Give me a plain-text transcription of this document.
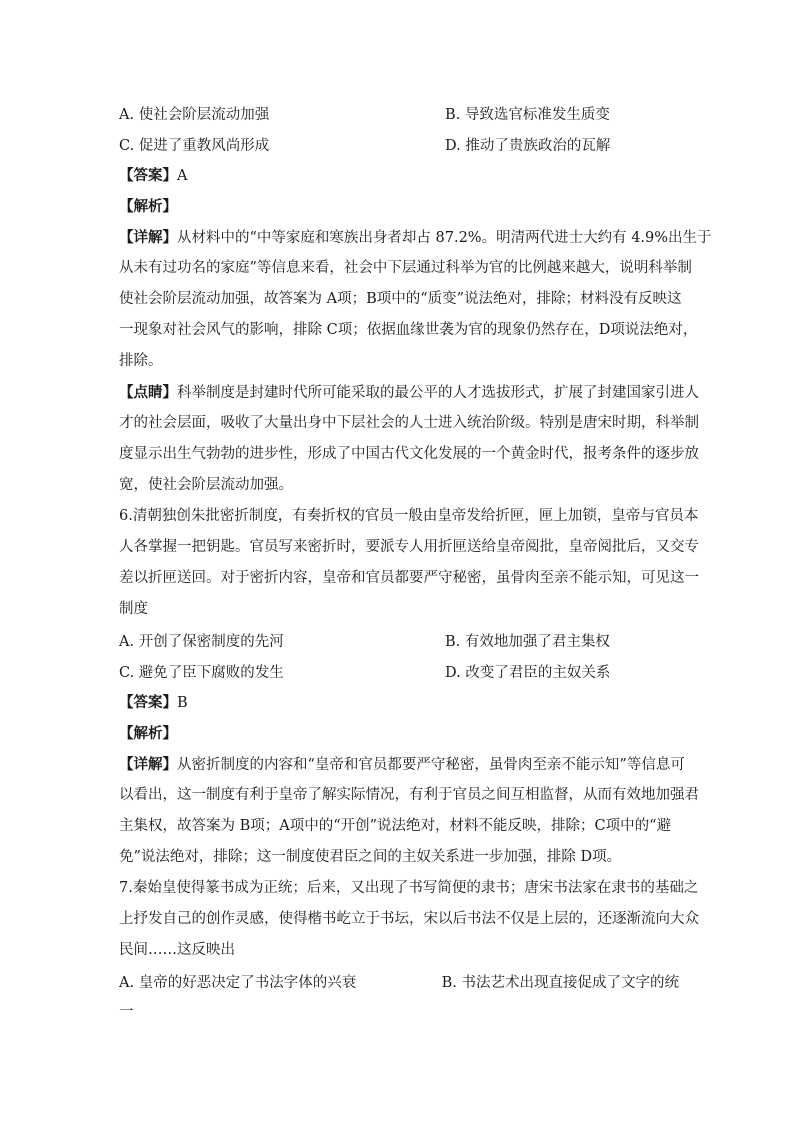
A. 使社会阶层流动加强	B. 导致选官标准发生质变
C. 促进了重教风尚形成	D. 推动了贵族政治的瓦解
【答案】A
【解析】
【详解】从材料中的“中等家庭和寒族出身者却占 87.2%。明清两代进士大约有 4.9%出生于
从未有过功名的家庭”等信息来看，社会中下层通过科举为官的比例越来越大，说明科举制
使社会阶层流动加强，故答案为 A项；B项中的“质变”说法绝对，排除；材料没有反映这
一现象对社会风气的影响，排除 C项；依据血缘世袭为官的现象仍然存在，D项说法绝对，
排除。
【点睛】科举制度是封建时代所可能采取的最公平的人才选拔形式，扩展了封建国家引进人
才的社会层面，吸收了大量出身中下层社会的人士进入统治阶级。特别是唐宋时期，科举制
度显示出生气勃勃的进步性，形成了中国古代文化发展的一个黄金时代，报考条件的逐步放
宽，使社会阶层流动加强。
6.清朝独创朱批密折制度，有奏折权的官员一般由皇帝发给折匣，匣上加锁，皇帝与官员本
人各掌握一把钥匙。官员写来密折时，要派专人用折匣送给皇帝阅批，皇帝阅批后，又交专
差以折匣送回。对于密折内容，皇帝和官员都要严守秘密，虽骨肉至亲不能示知，可见这一
制度
A. 开创了保密制度的先河	B. 有效地加强了君主集权
C. 避免了臣下腐败的发生	D. 改变了君臣的主奴关系
【答案】B
【解析】
【详解】从密折制度的内容和“皇帝和官员都要严守秘密，虽骨肉至亲不能示知”等信息可
以看出，这一制度有利于皇帝了解实际情况，有利于官员之间互相监督，从而有效地加强君
主集权，故答案为 B项；A项中的“开创”说法绝对，材料不能反映，排除；C项中的“避
免”说法绝对，排除；这一制度使君臣之间的主奴关系进一步加强，排除 D项。
7.秦始皇使得篆书成为正统；后来，又出现了书写简便的隶书；唐宋书法家在隶书的基础之
上抒发自己的创作灵感，使得楷书屹立于书坛，宋以后书法不仅是上层的，还逐渐流向大众
民间……这反映出
A. 皇帝的好恶决定了书法字体的兴衰	B. 书法艺术出现直接促成了文字的统
一
